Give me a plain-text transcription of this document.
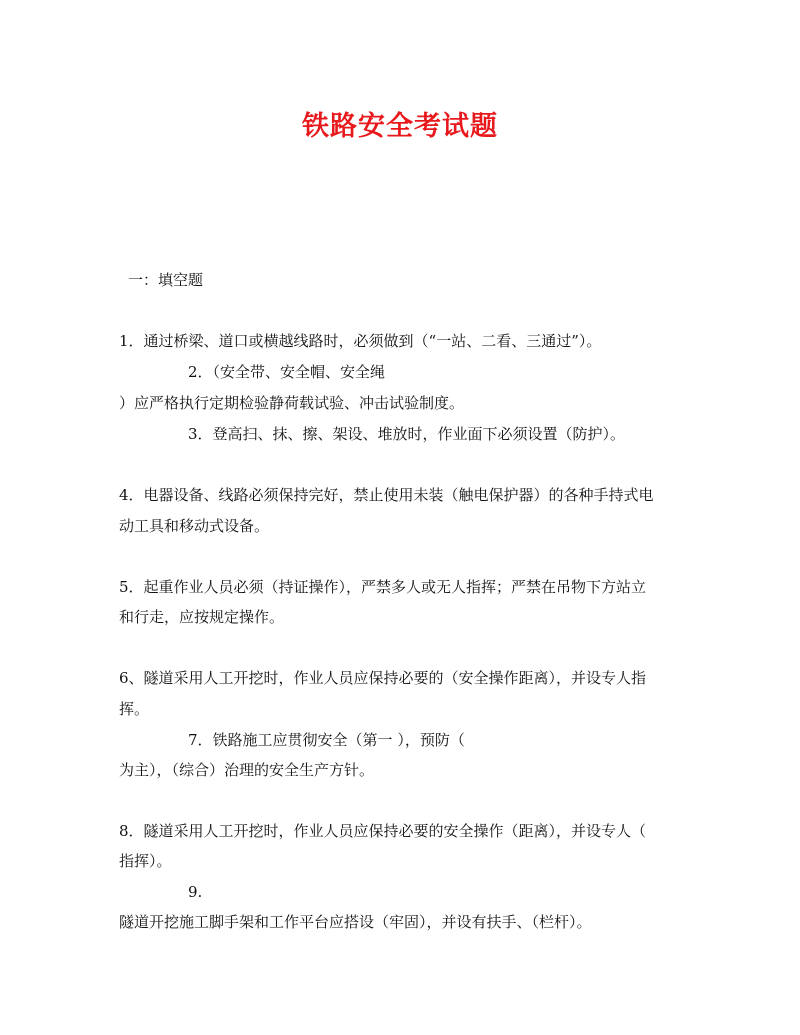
铁路安全考试题
一：填空题
1．通过桥梁、道口或横越线路时，必须做到（“一站、二看、三通过”）。
2．（安全带、安全帽、安全绳
）应严格执行定期检验静荷载试验、冲击试验制度。
3．登高扫、抹、擦、架设、堆放时，作业面下必须设置（防护）。
4．电器设备、线路必须保持完好，禁止使用未装（触电保护器）的各种手持式电
动工具和移动式设备。
5．起重作业人员必须（持证操作），严禁多人或无人指挥；严禁在吊物下方站立
和行走，应按规定操作。
6、隧道采用人工开挖时，作业人员应保持必要的（安全操作距离），并设专人指
挥。
7．铁路施工应贯彻安全（第一 ），预防（
为主），（综合）治理的安全生产方针。
8．隧道采用人工开挖时，作业人员应保持必要的安全操作（距离），并设专人（
指挥）。
9.
隧道开挖施工脚手架和工作平台应搭设（牢固），并设有扶手、（栏杆）。
